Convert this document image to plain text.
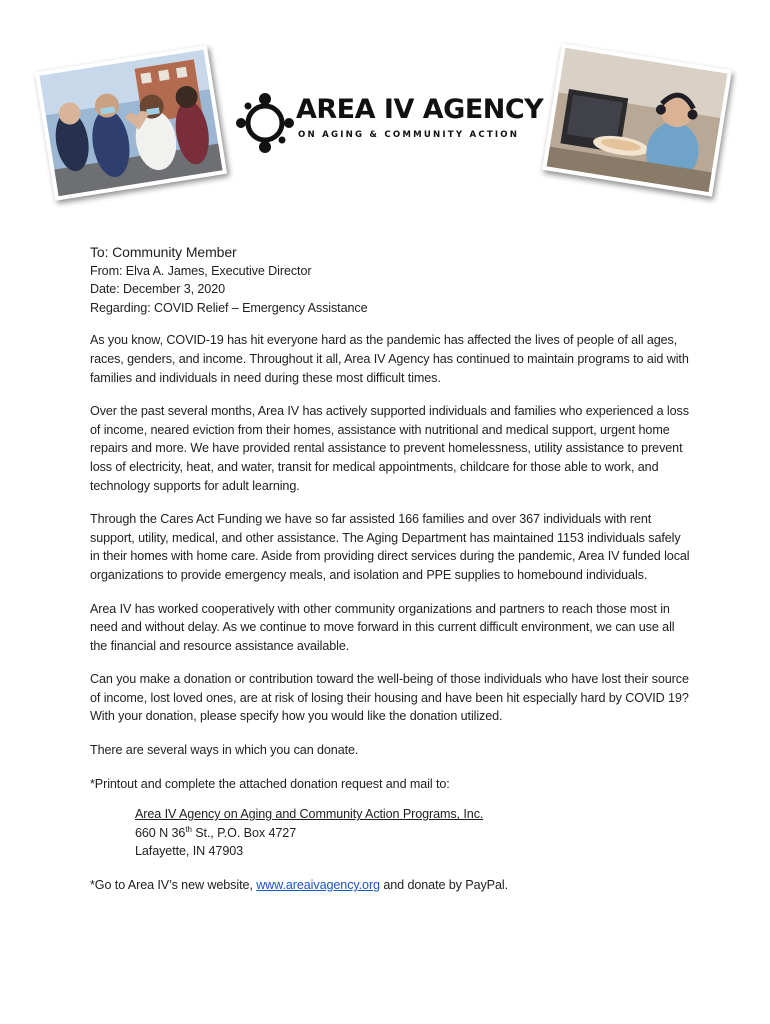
AREA IV AGENCY
ON AGING & COMMUNITY ACTION

To: Community Member

From: Elva A. James, Executive Director

Date: December 3, 2020

Regarding: COVID Relief – Emergency Assistance

As you know, COVID-19 has hit everyone hard as the pandemic has affected the lives of people of all ages, races, genders, and income. Throughout it all, Area IV Agency has continued to maintain programs to aid with families and individuals in need during these most difficult times.

Over the past several months, Area IV has actively supported individuals and families who experienced a loss of income, neared eviction from their homes, assistance with nutritional and medical support, urgent home repairs and more. We have provided rental assistance to prevent homelessness, utility assistance to prevent loss of electricity, heat, and water, transit for medical appointments, childcare for those able to work, and technology supports for adult learning.

Through the Cares Act Funding we have so far assisted 166 families and over 367 individuals with rent support, utility, medical, and other assistance. The Aging Department has maintained 1153 individuals safely in their homes with home care. Aside from providing direct services during the pandemic, Area IV funded local organizations to provide emergency meals, and isolation and PPE supplies to homebound individuals.

Area IV has worked cooperatively with other community organizations and partners to reach those most in need and without delay. As we continue to move forward in this current difficult environment, we can use all the financial and resource assistance available.

Can you make a donation or contribution toward the well-being of those individuals who have lost their source of income, lost loved ones, are at risk of losing their housing and have been hit especially hard by COVID 19? With your donation, please specify how you would like the donation utilized.

There are several ways in which you can donate.

*Printout and complete the attached donation request and mail to:

Area IV Agency on Aging and Community Action Programs, Inc.
660 N 36th St., P.O. Box 4727
Lafayette, IN 47903

*Go to Area IV’s new website, www.areaivagency.org and donate by PayPal.
